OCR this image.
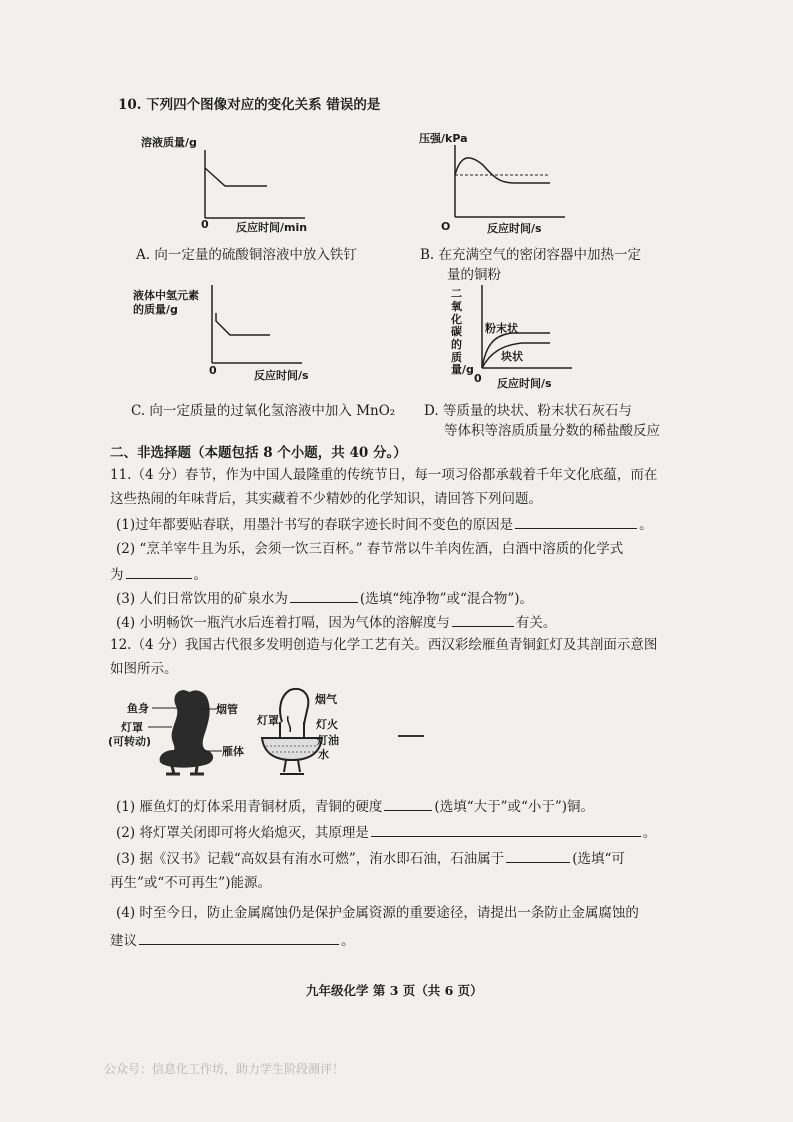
10. 下列四个图像对应的变化关系 错误的是
溶液质量/g
0 反应时间/min
压强/kPa
O	反应时间/s
A. 向一定量的硫酸铜溶液中放入铁钉	B. 在充满空气的密闭容器中加热一定
量的铜粉
液体中氢元素
的质量/g
0	反应时间/s
二
氧
化
碳
的
质
量/g
粉末状
块状
0 反应时间/s
C. 向一定质量的过氧化氢溶液中加入 MnO₂ D. 等质量的块状、粉末状石灰石与
等体积等溶质质量分数的稀盐酸反应
二、非选择题（本题包括 8 个小题，共 40 分。）
11.（4 分）春节，作为中国人最隆重的传统节日，每一项习俗都承载着千年文化底蕴，而在
这些热闹的年味背后，其实藏着不少精妙的化学知识，请回答下列问题。
(1)过年都要贴春联，用墨汁书写的春联字迹长时间不变色的原因是	。
(2) “烹羊宰牛且为乐，会须一饮三百杯。” 春节常以牛羊肉佐酒，白酒中溶质的化学式
为	。
(3) 人们日常饮用的矿泉水为	(选填“纯净物”或“混合物”)。
(4) 小明畅饮一瓶汽水后连着打嗝，因为气体的溶解度与	有关。
12.（4 分）我国古代很多发明创造与化学工艺有关。西汉彩绘雁鱼青铜釭灯及其剖面示意图
如图所示。
鱼身	烟管
灯罩
(可转动)
雁体
烟气
灯罩	灯火
灯油
水
(1) 雁鱼灯的灯体采用青铜材质，青铜的硬度	(选填“大于”或“小于”)铜。
(2) 将灯罩关闭即可将火焰熄灭，其原理是	。
(3) 据《汉书》记载“高奴县有洧水可燃”，洧水即石油，石油属于	(选填“可
再生”或“不可再生”)能源。
(4) 时至今日，防止金属腐蚀仍是保护金属资源的重要途径，请提出一条防止金属腐蚀的
建议	。
九年级化学 第 3 页（共 6 页）
公众号：信息化工作坊，助力学生阶段测评！
